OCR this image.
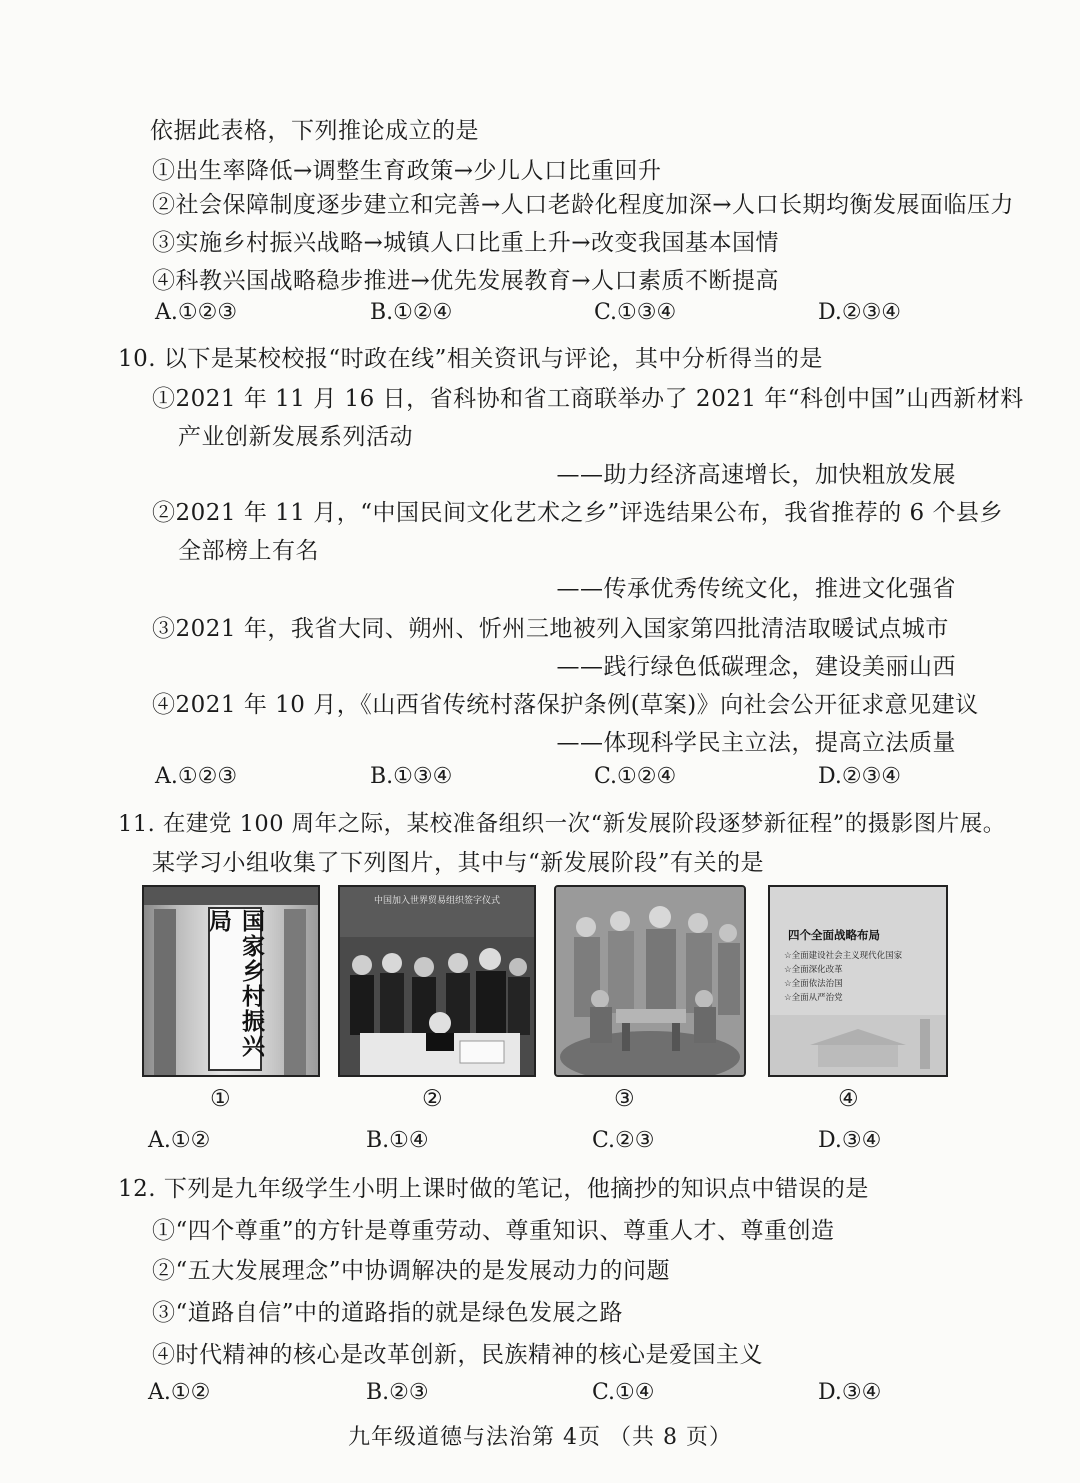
依据此表格，下列推论成立的是
①出生率降低→调整生育政策→少儿人口比重回升
②社会保障制度逐步建立和完善→人口老龄化程度加深→人口长期均衡发展面临压力
③实施乡村振兴战略→城镇人口比重上升→改变我国基本国情
④科教兴国战略稳步推进→优先发展教育→人口素质不断提高
A.①②③	B.①②④	C.①③④	D.②③④
10. 以下是某校校报“时政在线”相关资讯与评论，其中分析得当的是
①2021 年 11 月 16 日，省科协和省工商联举办了 2021 年“科创中国”山西新材料
产业创新发展系列活动
——助力经济高速增长，加快粗放发展
②2021 年 11 月，“中国民间文化艺术之乡”评选结果公布，我省推荐的 6 个县乡
全部榜上有名
——传承优秀传统文化，推进文化强省
③2021 年，我省大同、朔州、忻州三地被列入国家第四批清洁取暖试点城市
——践行绿色低碳理念，建设美丽山西
④2021 年 10 月，《山西省传统村落保护条例(草案)》向社会公开征求意见建议
——体现科学民主立法，提高立法质量
A.①②③	B.①③④	C.①②④	D.②③④
11. 在建党 100 周年之际，某校准备组织一次“新发展阶段逐梦新征程”的摄影图片展。
某学习小组收集了下列图片，其中与“新发展阶段”有关的是
国家乡村振兴局
中国加入世界贸易组织签字仪式
四个全面战略布局
☆全面建设社会主义现代化国家
☆全面深化改革
☆全面依法治国
☆全面从严治党
①	②	③	④
A.①②	B.①④	C.②③	D.③④
12. 下列是九年级学生小明上课时做的笔记，他摘抄的知识点中错误的是
①“四个尊重”的方针是尊重劳动、尊重知识、尊重人才、尊重创造
②“五大发展理念”中协调解决的是发展动力的问题
③“道路自信”中的道路指的就是绿色发展之路
④时代精神的核心是改革创新，民族精神的核心是爱国主义
A.①②	B.②③	C.①④	D.③④
九年级道德与法治第 4页 （共 8 页）
